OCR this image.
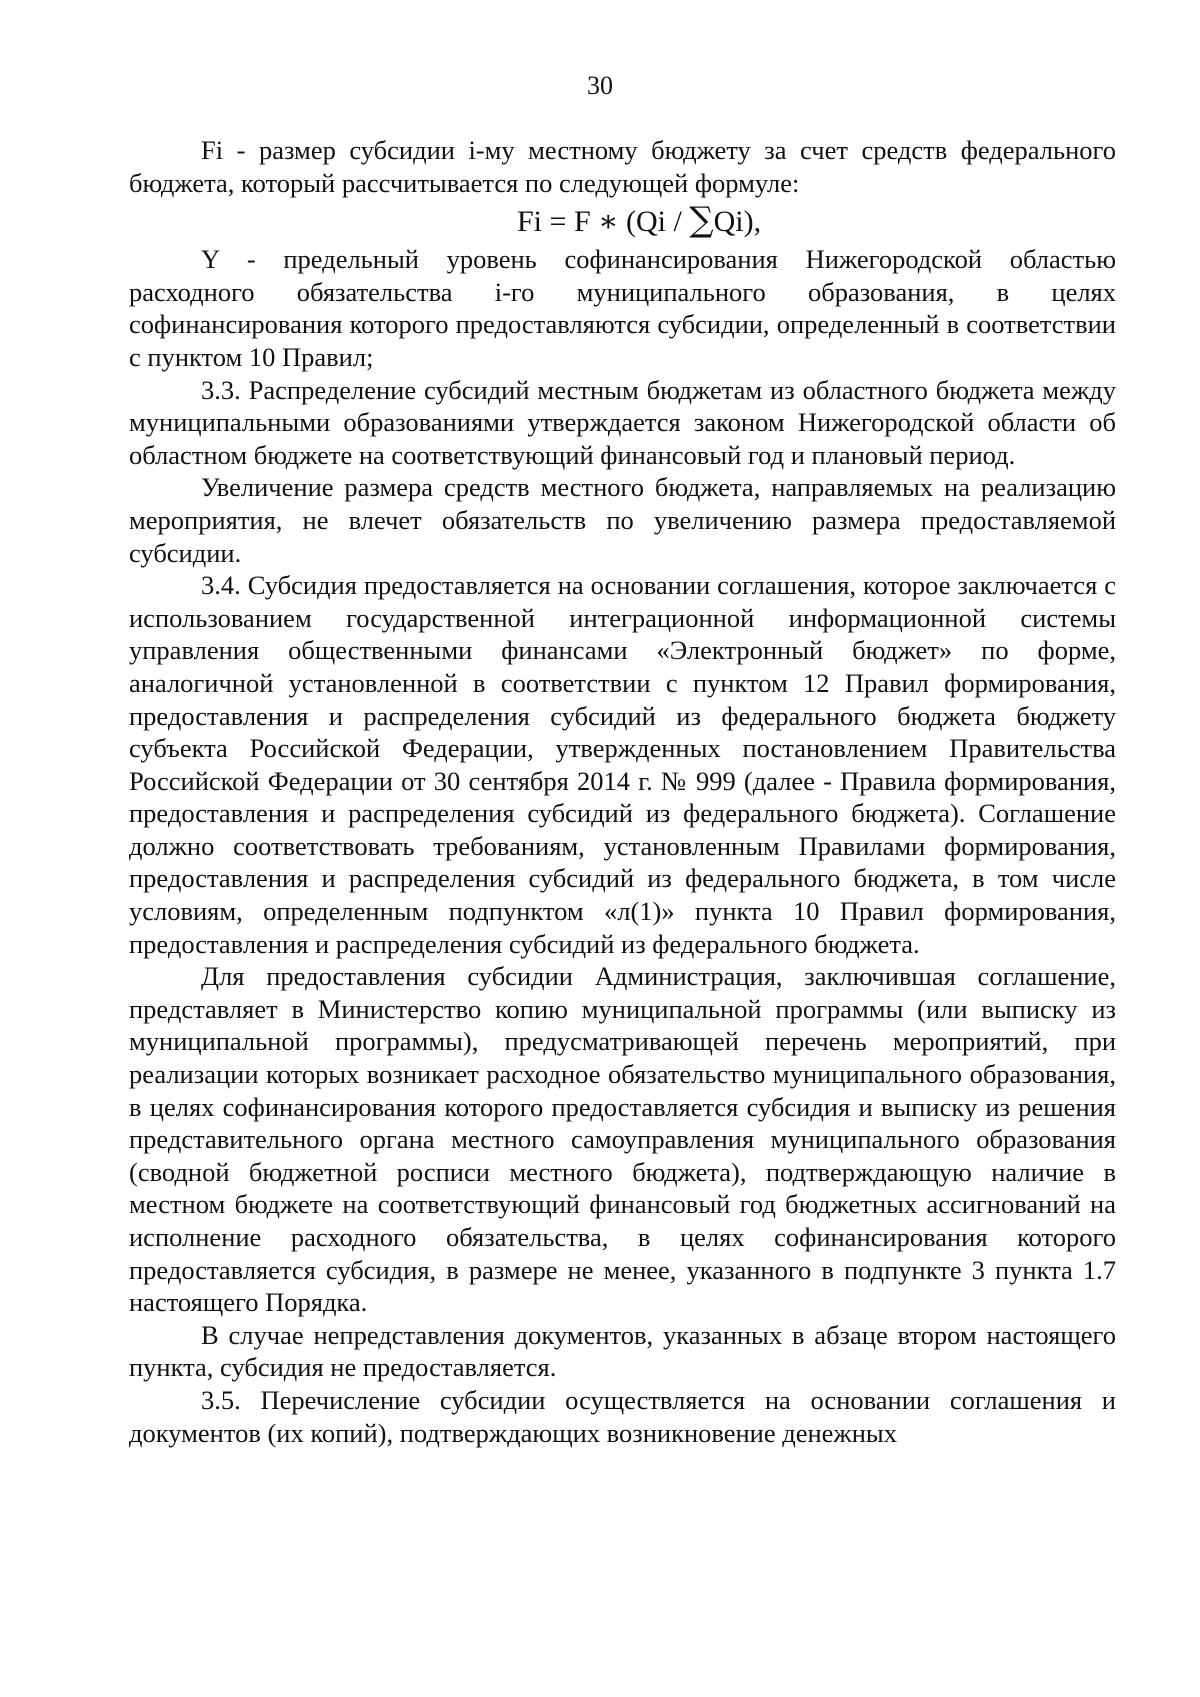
30

Fi - размер субсидии i-му местному бюджету за счет средств федерального бюджета, который рассчитывается по следующей формуле:

Fi = F ∗ (Qi / ∑Qi),

Y - предельный уровень софинансирования Нижегородской областью расходного обязательства i-го муниципального образования, в целях софинансирования которого предоставляются субсидии, определенный в соответствии с пунктом 10 Правил;

3.3. Распределение субсидий местным бюджетам из областного бюджета между муниципальными образованиями утверждается законом Нижегородской области об областном бюджете на соответствующий финансовый год и плановый период.

Увеличение размера средств местного бюджета, направляемых на реализацию мероприятия, не влечет обязательств по увеличению размера предоставляемой субсидии.

3.4. Субсидия предоставляется на основании соглашения, которое заключается с использованием государственной интеграционной информационной системы управления общественными финансами «Электронный бюджет» по форме, аналогичной установленной в соответствии с пунктом 12 Правил формирования, предоставления и распределения субсидий из федерального бюджета бюджету субъекта Российской Федерации, утвержденных постановлением Правительства Российской Федерации от 30 сентября 2014 г. № 999 (далее - Правила формирования, предоставления и распределения субсидий из федерального бюджета). Соглашение должно соответствовать требованиям, установленным Правилами формирования, предоставления и распределения субсидий из федерального бюджета, в том числе условиям, определенным подпунктом «л(1)» пункта 10 Правил формирования, предоставления и распределения субсидий из федерального бюджета.

Для предоставления субсидии Администрация, заключившая соглашение, представляет в Министерство копию муниципальной программы (или выписку из муниципальной программы), предусматривающей перечень мероприятий, при реализации которых возникает расходное обязательство муниципального образования, в целях софинансирования которого предоставляется субсидия и выписку из решения представительного органа местного самоуправления муниципального образования (сводной бюджетной росписи местного бюджета), подтверждающую наличие в местном бюджете на соответствующий финансовый год бюджетных ассигнований на исполнение расходного обязательства, в целях софинансирования которого предоставляется субсидия, в размере не менее, указанного в подпункте 3 пункта 1.7 настоящего Порядка.

В случае непредставления документов, указанных в абзаце втором настоящего пункта, субсидия не предоставляется.

3.5. Перечисление субсидии осуществляется на основании соглашения и документов (их копий), подтверждающих возникновение денежных
